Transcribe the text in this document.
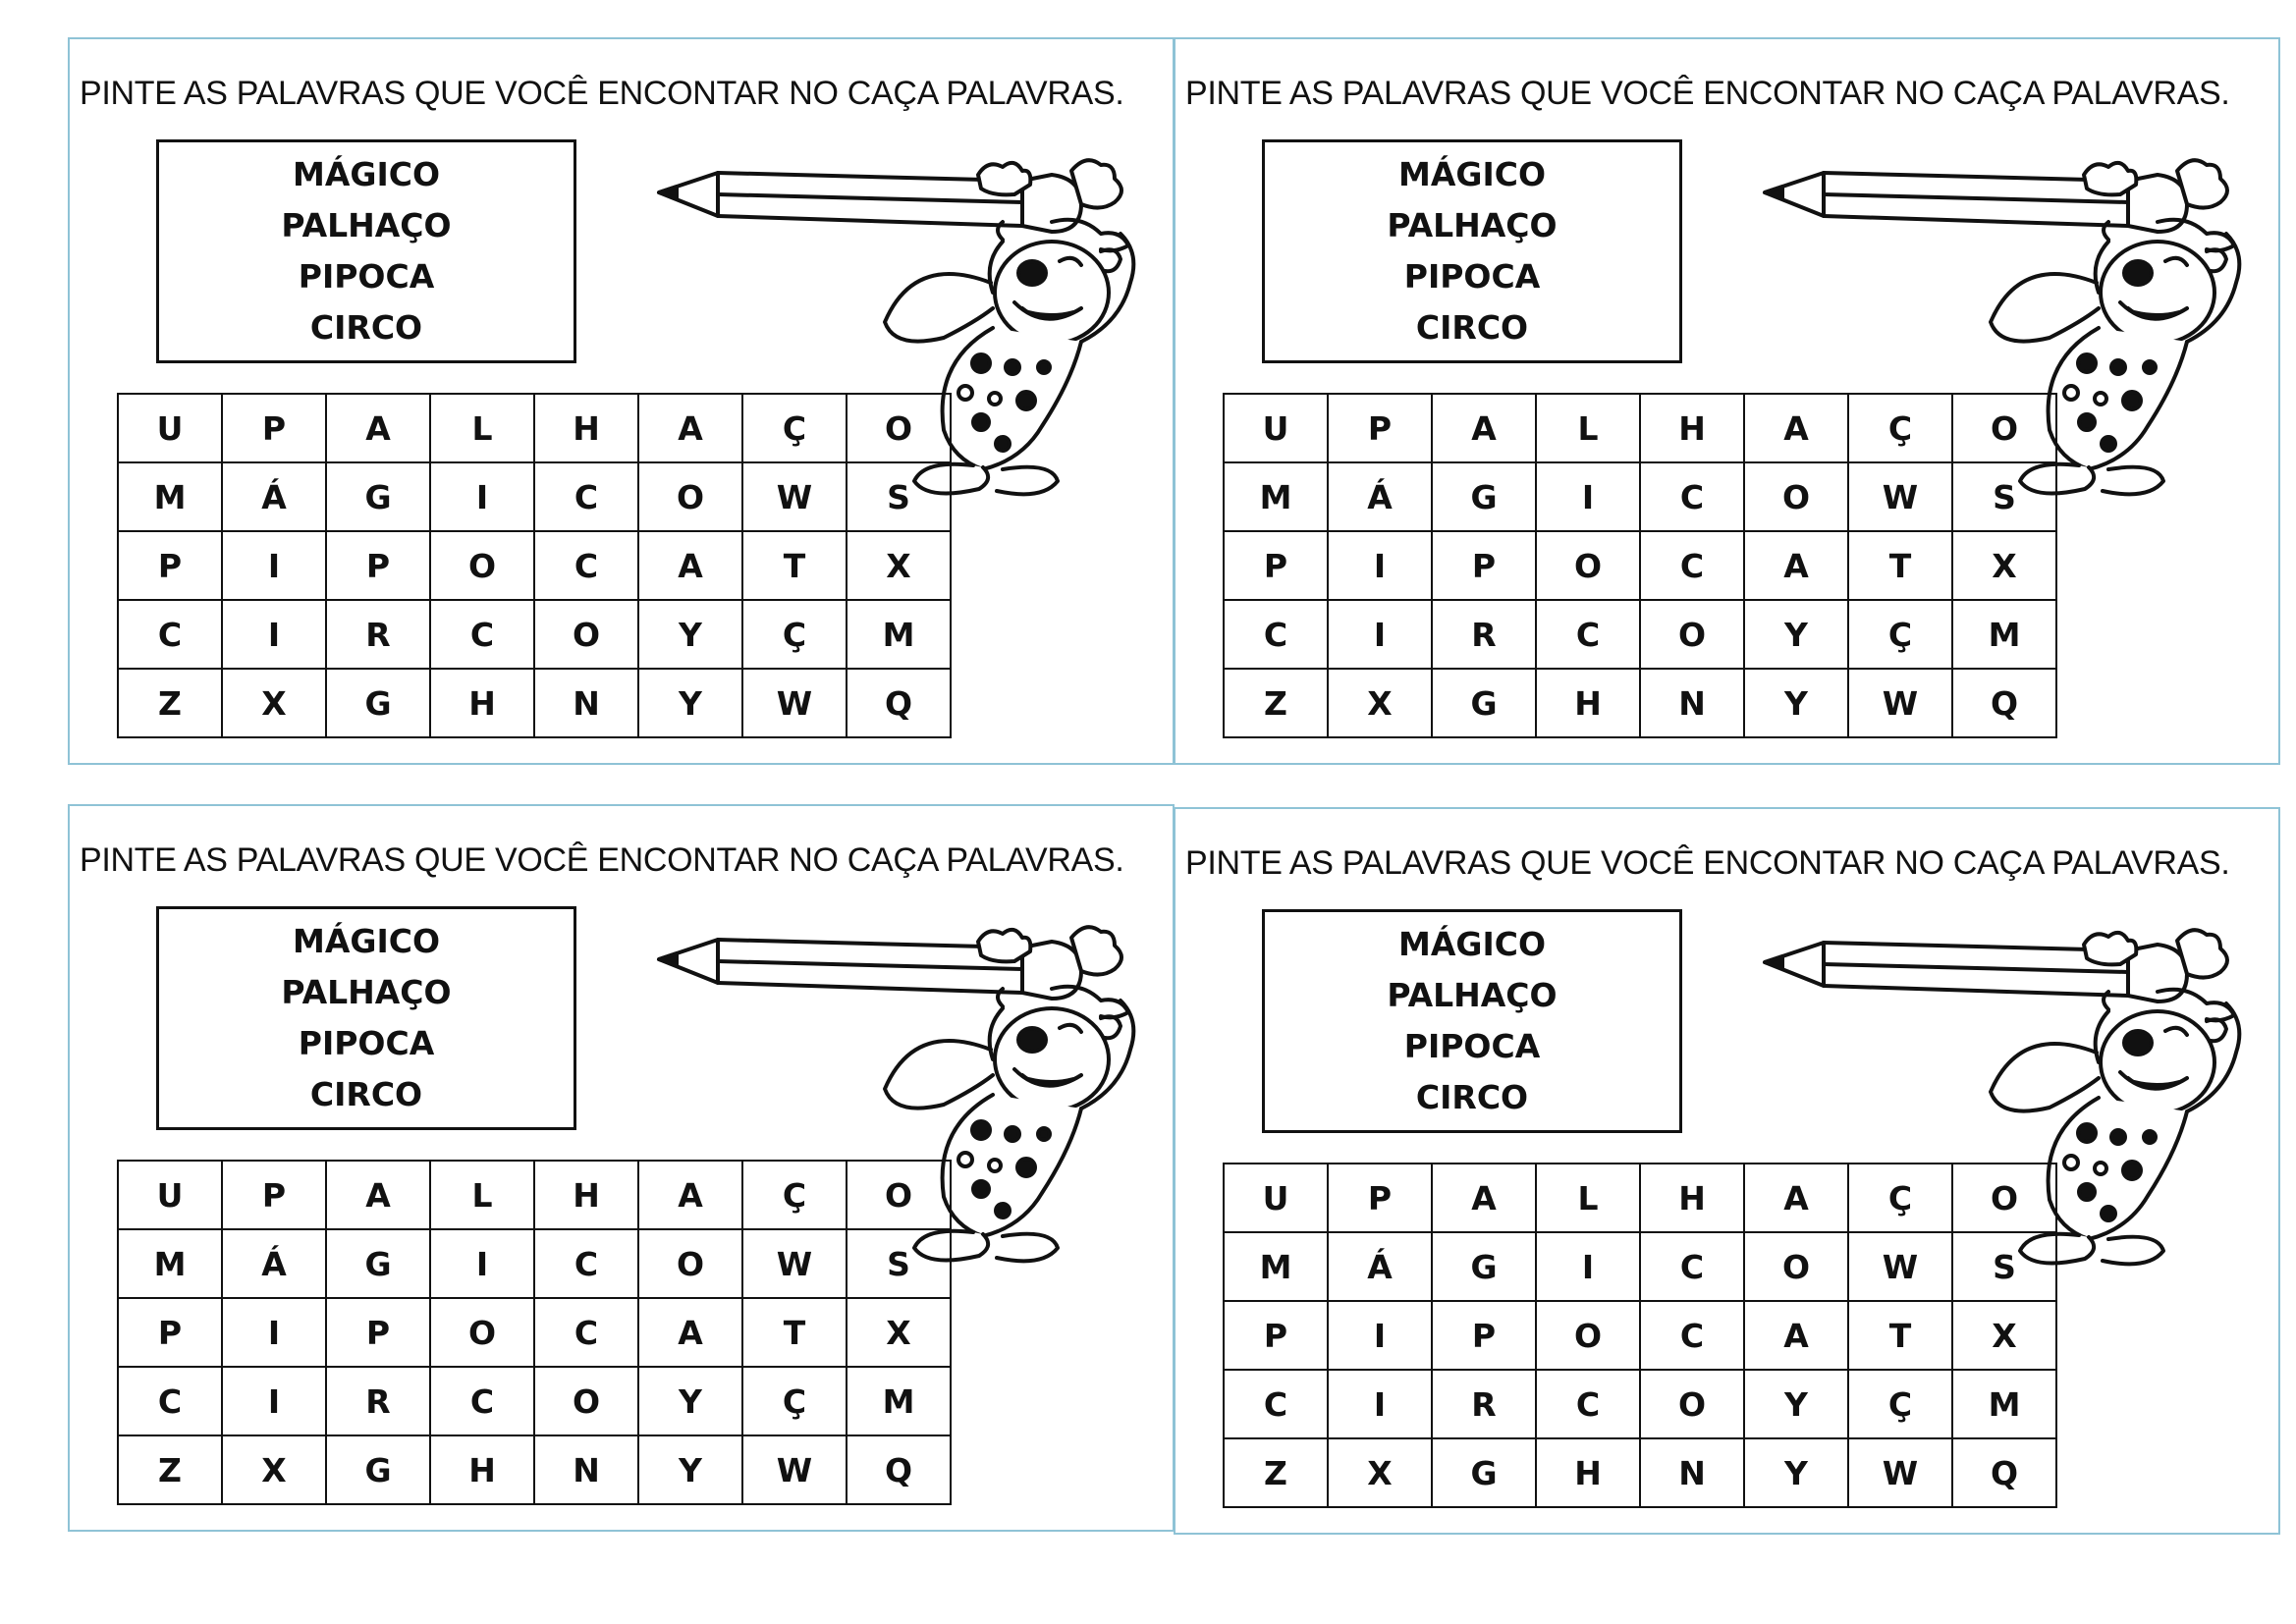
PINTE AS PALAVRAS QUE VOCÊ ENCONTAR NO CAÇA PALAVRAS.
MÁGICO
PALHAÇO
PIPOCA
CIRCO
U	P	A	L	H	A	Ç	O
M	Á	G	I	C	O	W	S
P	I	P	O	C	A	T	X
C	I	R	C	O	Y	Ç	M
Z	X	G	H	N	Y	W	Q
PINTE AS PALAVRAS QUE VOCÊ ENCONTAR NO CAÇA PALAVRAS.
MÁGICO
PALHAÇO
PIPOCA
CIRCO
U	P	A	L	H	A	Ç	O
M	Á	G	I	C	O	W	S
P	I	P	O	C	A	T	X
C	I	R	C	O	Y	Ç	M
Z	X	G	H	N	Y	W	Q
PINTE AS PALAVRAS QUE VOCÊ ENCONTAR NO CAÇA PALAVRAS.
MÁGICO
PALHAÇO
PIPOCA
CIRCO
U	P	A	L	H	A	Ç	O
M	Á	G	I	C	O	W	S
P	I	P	O	C	A	T	X
C	I	R	C	O	Y	Ç	M
Z	X	G	H	N	Y	W	Q
PINTE AS PALAVRAS QUE VOCÊ ENCONTAR NO CAÇA PALAVRAS.
MÁGICO
PALHAÇO
PIPOCA
CIRCO
U	P	A	L	H	A	Ç	O
M	Á	G	I	C	O	W	S
P	I	P	O	C	A	T	X
C	I	R	C	O	Y	Ç	M
Z	X	G	H	N	Y	W	Q
